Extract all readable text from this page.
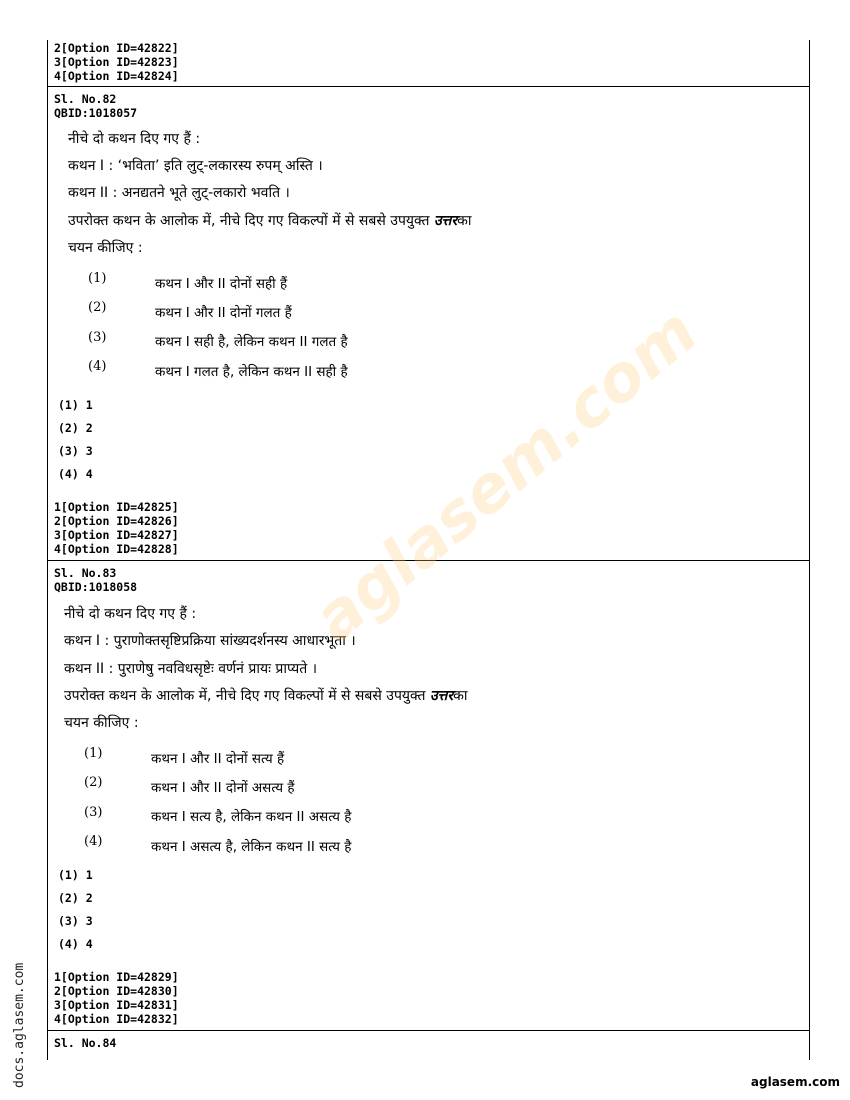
2[Option ID=42822]
3[Option ID=42823]
4[Option ID=42824]
Sl. No.82
QBID:1018057
नीचे दो कथन दिए गए हैं :
कथन I : ‘भविता’ इति लुट्-लकारस्य रुपम् अस्ति ।
कथन II : अनद्यतने भूते लुट्-लकारो भवति ।
उपरोक्त कथन के आलोक में, नीचे दिए गए विकल्पों में से सबसे उपयुक्त उत्तरका
चयन कीजिए :
(1)	कथन I और II दोनों सही हैं
(2)	कथन I और II दोनों गलत हैं
(3)	कथन I सही है, लेकिन कथन II गलत है
(4)	कथन I गलत है, लेकिन कथन II सही है
(1) 1
(2) 2
(3) 3
(4) 4
1[Option ID=42825]
2[Option ID=42826]
3[Option ID=42827]
4[Option ID=42828]
Sl. No.83
QBID:1018058
नीचे दो कथन दिए गए हैं :
कथन I : पुराणोक्तसृष्टिप्रक्रिया सांख्यदर्शनस्य आधारभूता ।
कथन II : पुराणेषु नवविधसृष्टेः वर्णनं प्रायः प्राप्यते ।
उपरोक्त कथन के आलोक में, नीचे दिए गए विकल्पों में से सबसे उपयुक्त उत्तरका
चयन कीजिए :
(1)	कथन I और II दोनों सत्य हैं
(2)	कथन I और II दोनों असत्य हैं
(3)	कथन I सत्य है, लेकिन कथन II असत्य है
(4)	कथन I असत्य है, लेकिन कथन II सत्य है
(1) 1
(2) 2
(3) 3
(4) 4
1[Option ID=42829]
2[Option ID=42830]
3[Option ID=42831]
4[Option ID=42832]
Sl. No.84
aglasem.com
docs.aglasem.com	aglasem.com
